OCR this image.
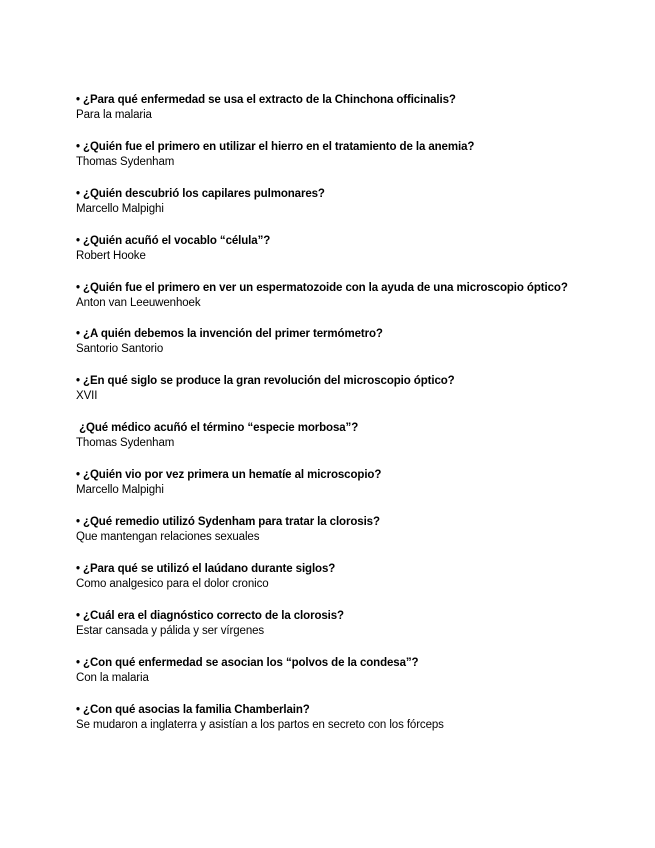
• ¿Para qué enfermedad se usa el extracto de la Chinchona officinalis?
Para la malaria
• ¿Quién fue el primero en utilizar el hierro en el tratamiento de la anemia?
Thomas Sydenham
• ¿Quién descubrió los capilares pulmonares?
Marcello Malpighi
• ¿Quién acuñó el vocablo “célula”?
Robert Hooke
• ¿Quién fue el primero en ver un espermatozoide con la ayuda de una microscopio óptico?
Anton van Leeuwenhoek
• ¿A quién debemos la invención del primer termómetro?
Santorio Santorio
• ¿En qué siglo se produce la gran revolución del microscopio óptico?
XVII
¿Qué médico acuñó el término “especie morbosa”?
Thomas Sydenham
• ¿Quién vio por vez primera un hematíe al microscopio?
Marcello Malpighi
• ¿Qué remedio utilizó Sydenham para tratar la clorosis?
Que mantengan relaciones sexuales
• ¿Para qué se utilizó el laúdano durante siglos?
Como analgesico para el dolor cronico
• ¿Cuál era el diagnóstico correcto de la clorosis?
Estar cansada y pálida y ser vírgenes
• ¿Con qué enfermedad se asocian los “polvos de la condesa”?
Con la malaria
• ¿Con qué asocias la familia Chamberlain?
Se mudaron a inglaterra y asistían a los partos en secreto con los fórceps
